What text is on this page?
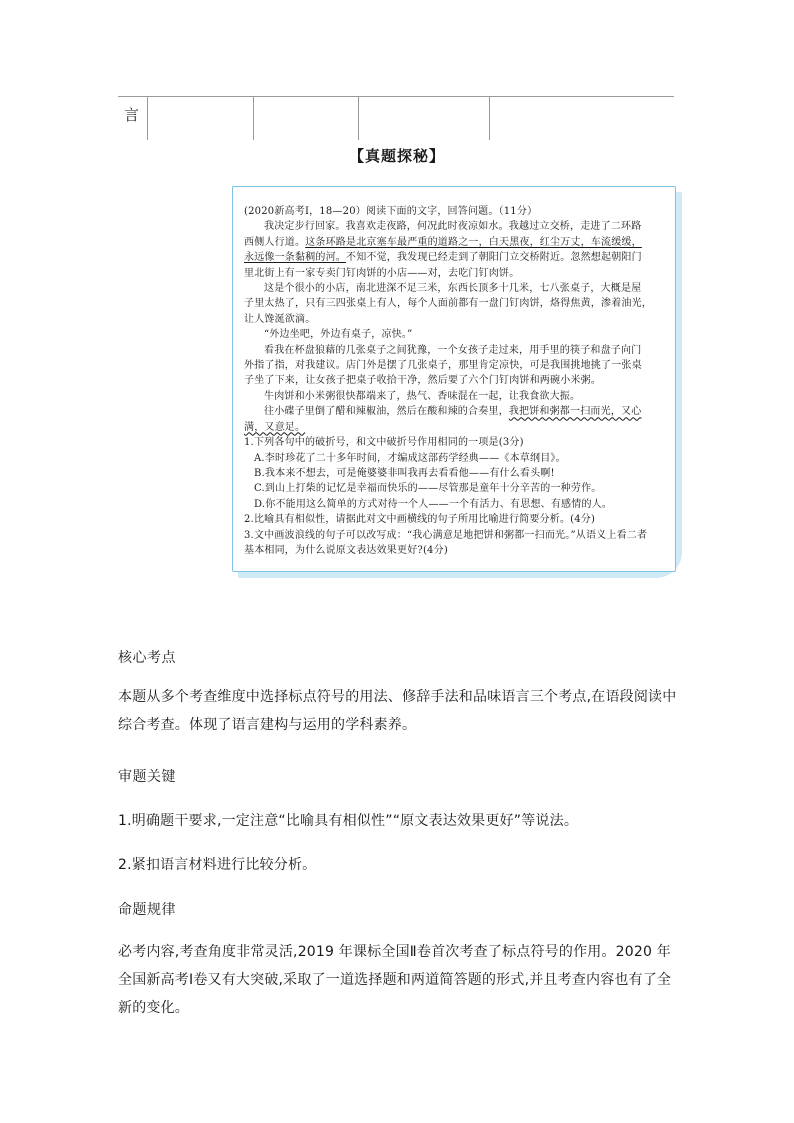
言
【真题探秘】
(2020新高考Ⅰ，18—20）阅读下面的文字，回答问题。（11分）
我决定步行回家。我喜欢走夜路，何况此时夜凉如水。我越过立交桥，走进了二环路
西侧人行道。这条环路是北京塞车最严重的道路之一，白天黑夜，红尘万丈，车流缓缓，
永远像一条黏稠的河。不知不觉，我发现已经走到了朝阳门立交桥附近。忽然想起朝阳门
里北街上有一家专卖门钉肉饼的小店——对，去吃门钉肉饼。
这是个很小的小店，南北进深不足三米，东西长顶多十几米，七八张桌子，大概是屋
子里太热了，只有三四张桌上有人，每个人面前都有一盘门钉肉饼，烙得焦黄，渗着油光，
让人馋涎欲滴。
“外边坐吧，外边有桌子，凉快。”
看我在杯盘狼藉的几张桌子之间犹豫，一个女孩子走过来，用手里的筷子和盘子向门
外指了指，对我建议。店门外是摆了几张桌子，那里肯定凉快，可是我围挑地挑了一张桌
子坐了下来，让女孩子把桌子收拾干净，然后要了六个门钉肉饼和两碗小米粥。
牛肉饼和小米粥很快都端来了，热气、香味混在一起，让我食欲大振。
往小碟子里倒了醋和辣椒油，然后在酸和辣的合奏里，我把饼和粥都一扫而光，又心
满，又意足。
1.下列各句中的破折号，和文中破折号作用相同的一项是(3分)
A.李时珍花了二十多年时间，才编成这部药学经典——《本草纲目》。
B.我本来不想去，可是俺婆婆非叫我再去看看他——有什么看头啊!
C.到山上打柴的记忆是幸福而快乐的——尽管那是童年十分辛苦的一种劳作。
D.你不能用这么简单的方式对待一个人——一个有活力、有思想、有感情的人。
2.比喻具有相似性，请据此对文中画横线的句子所用比喻进行简要分析。(4分)
3.文中画波浪线的句子可以改写成：“我心满意足地把饼和粥都一扫而光。”从语义上看二者
基本相同，为什么说原文表达效果更好?(4分)
核心考点
本题从多个考查维度中选择标点符号的用法、修辞手法和品味语言三个考点,在语段阅读中综合考查。体现了语言建构与运用的学科素养。
审题关键
1.明确题干要求,一定注意“比喻具有相似性”“原文表达效果更好”等说法。
2.紧扣语言材料进行比较分析。
命题规律
必考内容,考查角度非常灵活,2019 年课标全国Ⅱ卷首次考查了标点符号的作用。2020 年全国新高考Ⅰ卷又有大突破,采取了一道选择题和两道简答题的形式,并且考查内容也有了全新的变化。
